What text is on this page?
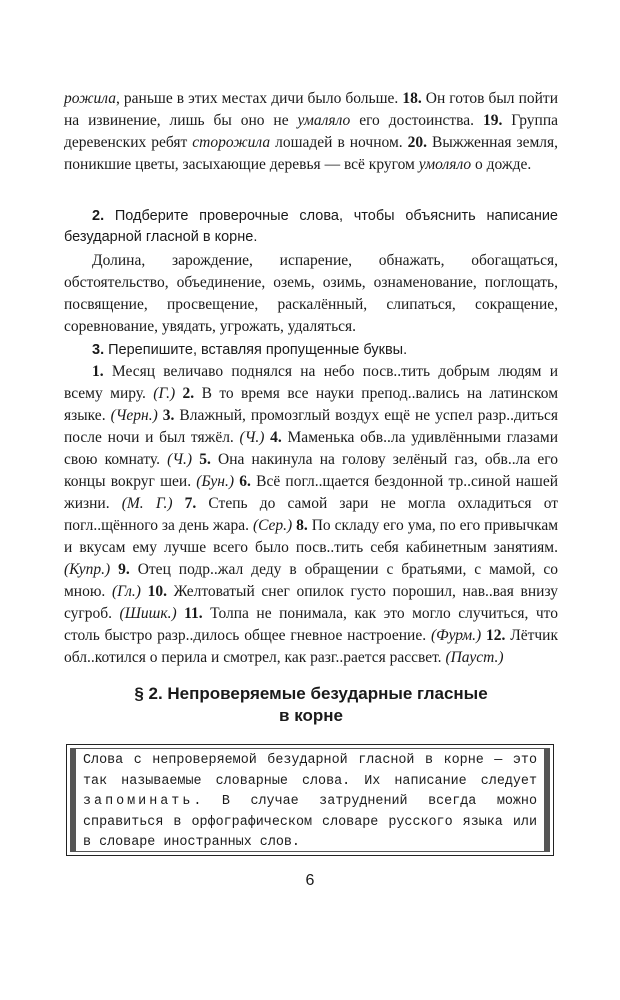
рожила, раньше в этих местах дичи было больше. 18. Он готов был пойти на извинение, лишь бы оно не умаляло его достоинства. 19. Группа деревенских ребят сторожила лошадей в ночном. 20. Выжженная земля, поникшие цветы, засыхающие деревья — всё кругом умоляло о дожде.
2. Подберите проверочные слова, чтобы объяснить написание безударной гласной в корне.
Долина, зарождение, испарение, обнажать, обогащаться, обстоятельство, объединение, оземь, озимь, ознаменование, поглощать, посвящение, просвещение, раскалённый, слипаться, сокращение, соревнование, увядать, угрожать, удаляться.
3. Перепишите, вставляя пропущенные буквы.
1. Месяц величаво поднялся на небо посв..тить добрым людям и всему миру. (Г.) 2. В то время все науки препод..вались на латинском языке. (Черн.) 3. Влажный, промозглый воздух ещё не успел разр..диться после ночи и был тяжёл. (Ч.) 4. Маменька обв..ла удивлёнными глазами свою комнату. (Ч.) 5. Она накинула на голову зелёный газ, обв..ла его концы вокруг шеи. (Бун.) 6. Всё погл..щается бездонной тр..синой нашей жизни. (М. Г.) 7. Степь до самой зари не могла охладиться от погл..щённого за день жара. (Сер.) 8. По складу его ума, по его привычкам и вкусам ему лучше всего было посв..тить себя кабинетным занятиям. (Купр.) 9. Отец подр..жал деду в обращении с братьями, с мамой, со мною. (Гл.) 10. Желтоватый снег опилок густо порошил, нав..вая внизу сугроб. (Шишк.) 11. Толпа не понимала, как это могло случиться, что столь быстро разр..дилось общее гневное настроение. (Фурм.) 12. Лётчик обл..котился о перила и смотрел, как разг..рается рассвет. (Пауст.)
§ 2. Непроверяемые безударные гласные
в корне
Слова с непроверяемой безударной гласной в корне — это так называемые словарные слова. Их написание следует запоминать. В случае затруднений всегда можно справиться в орфографическом словаре русского языка или в словаре иностранных слов.
6
